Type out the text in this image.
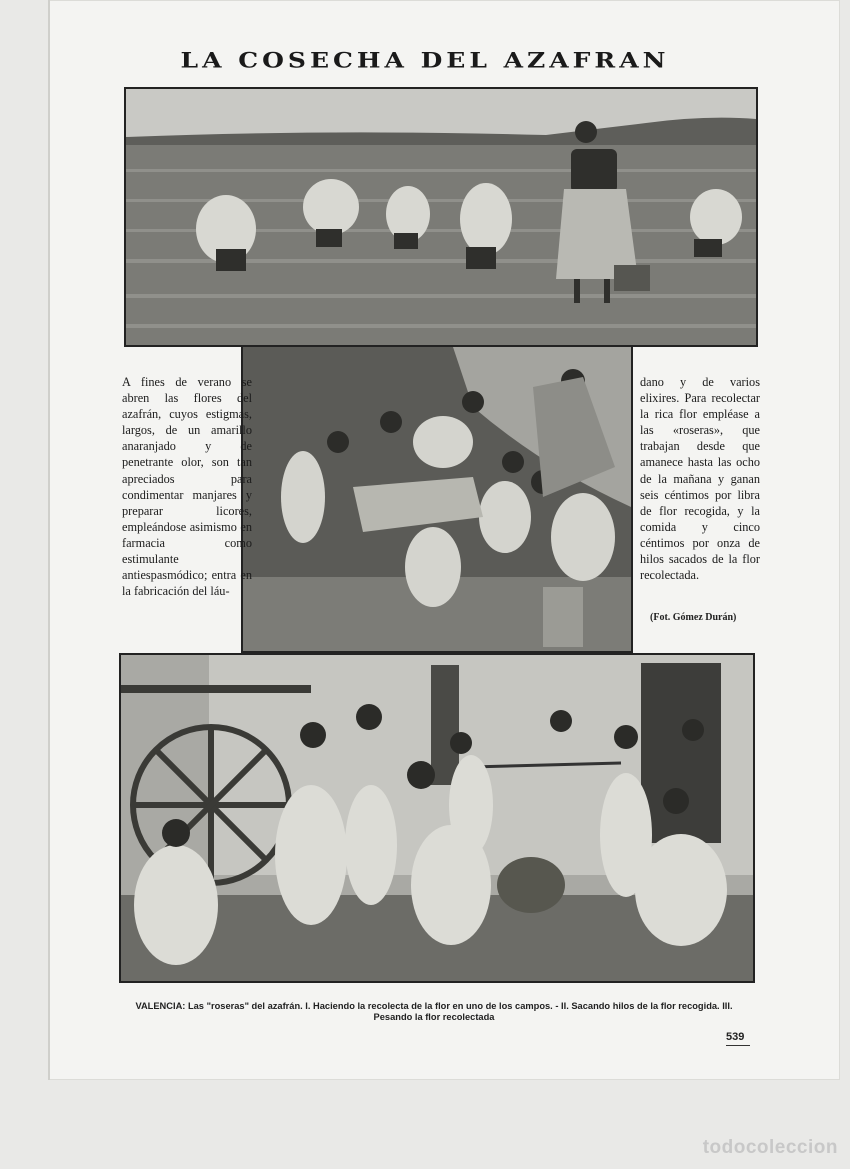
LA COSECHA DEL AZAFRAN
A fines de verano se abren las flores del azafrán, cuyos estigmas, largos, de un amarillo anaranjado y de penetrante olor, son tan apreciados para condimentar manjares y preparar licores, empleándose asimismo en farmacia como estimulante antiespasmódico; entra en la fabricación del láu-
dano y de varios elixires. Para recolectar la rica flor empléase a las «roseras», que trabajan desde que amanece hasta las ocho de la mañana y ganan seis céntimos por libra de flor recogida, y la comida y cinco céntimos por onza de hilos sacados de la flor recolectada.
(Fot. Gómez Durán)
VALENCIA: Las "roseras" del azafrán. I. Haciendo la recolecta de la flor en uno de los campos. - II. Sacando hilos de la flor recogida. III. Pesando la flor recolectada
539
todocoleccion
